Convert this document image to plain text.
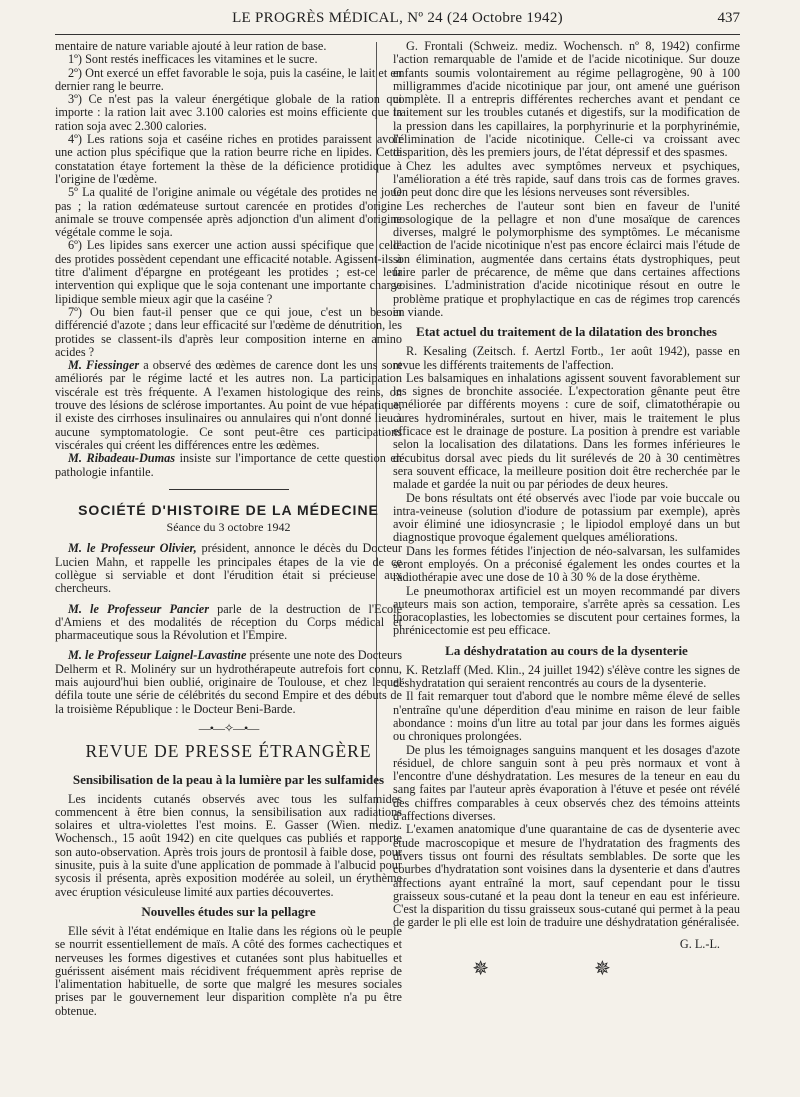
LE PROGRÈS MÉDICAL, Nº 24 (24 Octobre 1942)	437

mentaire de nature variable ajouté à leur ration de base.

1º) Sont restés inefficaces les vitamines et le sucre.

2º) Ont exercé un effet favorable le soja, puis la caséine, le lait et en dernier rang le beurre.

3º) Ce n'est pas la valeur énergétique globale de la ration qui importe : la ration lait avec 3.100 calories est moins efficiente que la ration soja avec 2.300 calories.

4º) Les rations soja et caséine riches en protides paraissent avoir une action plus spécifique que la ration beurre riche en lipides. Cette constatation étaye fortement la thèse de la déficience protidique à l'origine de l'œdème.

5º La qualité de l'origine animale ou végétale des protides ne joue pas ; la ration œdémateuse surtout carencée en protides d'origine animale se trouve compensée après adjonction d'un aliment d'origine végétale comme le soja.

6º) Les lipides sans exercer une action aussi spécifique que celle des protides possèdent cependant une efficacité notable. Agissent-ils à titre d'aliment d'épargne en protégeant les protides ; est-ce leur intervention qui explique que le soja contenant une importante charge lipidique semble mieux agir que la caséine ?

7º) Ou bien faut-il penser que ce qui joue, c'est un besoin différencié d'azote ; dans leur efficacité sur l'œdème de dénutrition, les protides se classent-ils d'après leur composition interne en amino acides ?

M. Fiessinger a observé des œdèmes de carence dont les uns sont améliorés par le régime lacté et les autres non. La participation viscérale est très fréquente. A l'examen histologique des reins, on trouve des lésions de sclérose importantes. Au point de vue hépatique, il existe des cirrhoses insulinaires ou annulaires qui n'ont donné lieu à aucune symptomatologie. Ce sont peut-être ces participations viscérales qui créent les différences entre les œdèmes.

M. Ribadeau-Dumas insiste sur l'importance de cette question en pathologie infantile.

SOCIÉTÉ D'HISTOIRE DE LA MÉDECINE
Séance du 3 octobre 1942

M. le Professeur Olivier, président, annonce le décès du Docteur Lucien Mahn, et rappelle les principales étapes de la vie de ce collègue si serviable et dont l'érudition était si précieuse aux chercheurs.

M. le Professeur Pancier parle de la destruction de l'Ecole d'Amiens et des modalités de réception du Corps médical et pharmaceutique sous la Révolution et l'Empire.

M. le Professeur Laignel-Lavastine présente une note des Docteurs Delherm et R. Molinéry sur un hydrothérapeute autrefois fort connu, mais aujourd'hui bien oublié, originaire de Toulouse, et chez lequel défila toute une série de célébrités du second Empire et des débuts de la troisième République : le Docteur Beni-Barde.

—•—✧—•—
REVUE DE PRESSE ÉTRANGÈRE
Sensibilisation de la peau à la lumière par les sulfamides

Les incidents cutanés observés avec tous les sulfamides commencent à être bien connus, la sensibilisation aux radiations solaires et ultra-violettes l'est moins. E. Gasser (Wien. mediz. Wochensch., 15 août 1942) en cite quelques cas publiés et rapporte son auto-observation. Après trois jours de prontosil à faible dose, pour sinusite, puis à la suite d'une application de pommade à l'albucid pour sycosis il présenta, après exposition modérée au soleil, un érythème avec éruption vésiculeuse limité aux parties découvertes.

Nouvelles études sur la pellagre

Elle sévit à l'état endémique en Italie dans les régions où le peuple se nourrit essentiellement de maïs. A côté des formes cachectiques et nerveuses les formes digestives et cutanées sont plus habituelles et guérissent aisément mais récidivent fréquemment après reprise de l'alimentation habituelle, de sorte que malgré les mesures sociales prises par le gouvernement leur disparition complète n'a pu être obtenue.

G. Frontali (Schweiz. mediz. Wochensch. nº 8, 1942) confirme l'action remarquable de l'amide et de l'acide nicotinique. Sur douze enfants soumis volontairement au régime pellagrogène, 90 à 100 milligrammes d'acide nicotinique par jour, ont amené une guérison complète. Il a entrepris différentes recherches avant et pendant ce traitement sur les troubles cutanés et digestifs, sur la modification de la pression dans les capillaires, la porphyrinurie et la porphyrinémie, l'élimination de l'acide nicotinique. Celle-ci va croissant avec disparition, dès les premiers jours, de l'état dépressif et des spasmes.

Chez les adultes avec symptômes nerveux et psychiques, l'amélioration a été très rapide, sauf dans trois cas de formes graves. On peut donc dire que les lésions nerveuses sont réversibles.

Les recherches de l'auteur sont bien en faveur de l'unité nosologique de la pellagre et non d'une mosaïque de carences diverses, malgré le polymorphisme des symptômes. Le mécanisme d'action de l'acide nicotinique n'est pas encore éclairci mais l'étude de son élimination, augmentée dans certains états dystrophiques, peut faire parler de précarence, de même que dans certaines affections voisines. L'administration d'acide nicotinique résout en outre le problème pratique et prophylactique en cas de régimes trop carencés en viande.

Etat actuel du traitement de la dilatation des bronches

R. Kesaling (Zeitsch. f. Aertzl Fortb., 1er août 1942), passe en revue les différents traitements de l'affection.

Les balsamiques en inhalations agissent souvent favorablement sur les signes de bronchite associée. L'expectoration gênante peut être améliorée par différents moyens : cure de soif, climatothérapie ou cures hydrominérales, surtout en hiver, mais le traitement le plus efficace est le drainage de posture. La position à prendre est variable selon la localisation des dilatations. Dans les formes inférieures le décubitus dorsal avec pieds du lit surélevés de 20 à 30 centimètres sera souvent efficace, la meilleure position doit être recherchée par le malade et gardée la nuit ou par périodes de deux heures.

De bons résultats ont été observés avec l'iode par voie buccale ou intra-veineuse (solution d'iodure de potassium par exemple), après avoir éliminé une idiosyncrasie ; le lipiodol employé dans un but diagnostique provoque également quelques améliorations.

Dans les formes fétides l'injection de néo-salvarsan, les sulfamides seront employés. On a préconisé également les ondes courtes et la radiothérapie avec une dose de 10 à 30 % de la dose érythème.

Le pneumothorax artificiel est un moyen recommandé par divers auteurs mais son action, temporaire, s'arrête après sa cessation. Les thoracoplasties, les lobectomies se discutent pour certaines formes, la phrénicectomie est peu efficace.

La déshydratation au cours de la dysenterie

K. Retzlaff (Med. Klin., 24 juillet 1942) s'élève contre les signes de déshydratation qui seraient rencontrés au cours de la dysenterie.

Il fait remarquer tout d'abord que le nombre même élevé de selles n'entraîne qu'une déperdition d'eau minime en raison de leur faible abondance : moins d'un litre au total par jour dans les formes aiguës ou chroniques prolongées.

De plus les témoignages sanguins manquent et les dosages d'azote résiduel, de chlore sanguin sont à peu près normaux et vont à l'encontre d'une déshydratation. Les mesures de la teneur en eau du sang faites par l'auteur après évaporation à l'étuve et pesée ont révélé des chiffres comparables à ceux observés chez des témoins atteints d'affections diverses.

L'examen anatomique d'une quarantaine de cas de dysenterie avec étude macroscopique et mesure de l'hydratation des fragments des divers tissus ont fourni des résultats semblables. De sorte que les courbes d'hydratation sont voisines dans la dysenterie et dans d'autres affections ayant entraîné la mort, sauf cependant pour le tissu graisseux sous-cutané et la peau dont la teneur en eau est inférieure. C'est la disparition du tissu graisseux sous-cutané qui permet à la peau de garder le pli elle est loin de traduire une déshydratation généralisée.

G. L.-L.
✵ ✵
